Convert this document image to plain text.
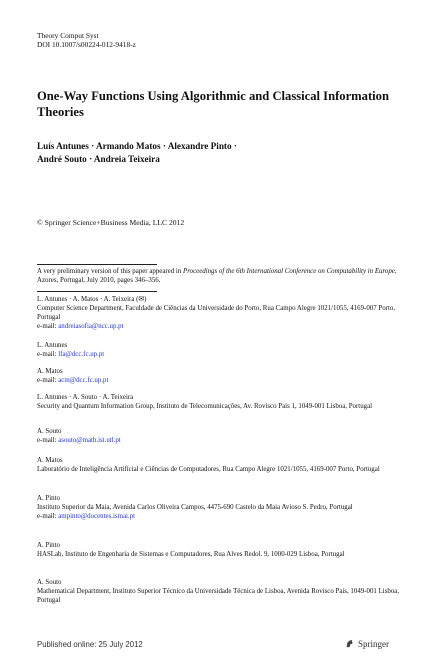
Theory Comput Syst
DOI 10.1007/s00224-012-9418-z
One-Way Functions Using Algorithmic and Classical Information Theories
Luís Antunes · Armando Matos · Alexandre Pinto ·
André Souto · Andreia Teixeira
© Springer Science+Business Media, LLC 2012
A very preliminary version of this paper appeared in Proceedings of the 6th International Conference on Computability in Europe, Azores, Portugal, July 2010, pages 346–356.
L. Antunes · A. Matos · A. Teixeira (✉)
Computer Science Department, Faculdade de Ciências da Universidade do Porto, Rua Campo Alegre 1021/1055, 4169-007 Porto, Portugal
e-mail: andreiasofia@ncc.up.pt
L. Antunes
e-mail: lfa@dcc.fc.up.pt
A. Matos
e-mail: acm@dcc.fc.up.pt
L. Antunes · A. Souto · A. Teixeira
Security and Quantum Information Group, Instituto de Telecomunicações, Av. Rovisco Pais 1, 1049-001 Lisboa, Portugal
A. Souto
e-mail: asouto@math.ist.utl.pt
A. Matos
Laboratório de Inteligência Artificial e Ciências de Computadores, Rua Campo Alegre 1021/1055, 4169-007 Porto, Portugal
A. Pinto
Instituto Superior da Maia, Avenida Carlos Oliveira Campos, 4475-690 Castelo da Maia Avioso S. Pedro, Portugal
e-mail: ampinto@docentes.ismai.pt
A. Pinto
HASLab, Instituto de Engenharia de Sistemas e Computadores, Rua Alves Redol. 9, 1000-029 Lisboa, Portugal
A. Souto
Mathematical Department, Instituto Superior Técnico da Universidade Técnica de Lisboa, Avenida Rovisco Pais, 1049-001 Lisboa, Portugal
Published online: 25 July 2012	Springer
